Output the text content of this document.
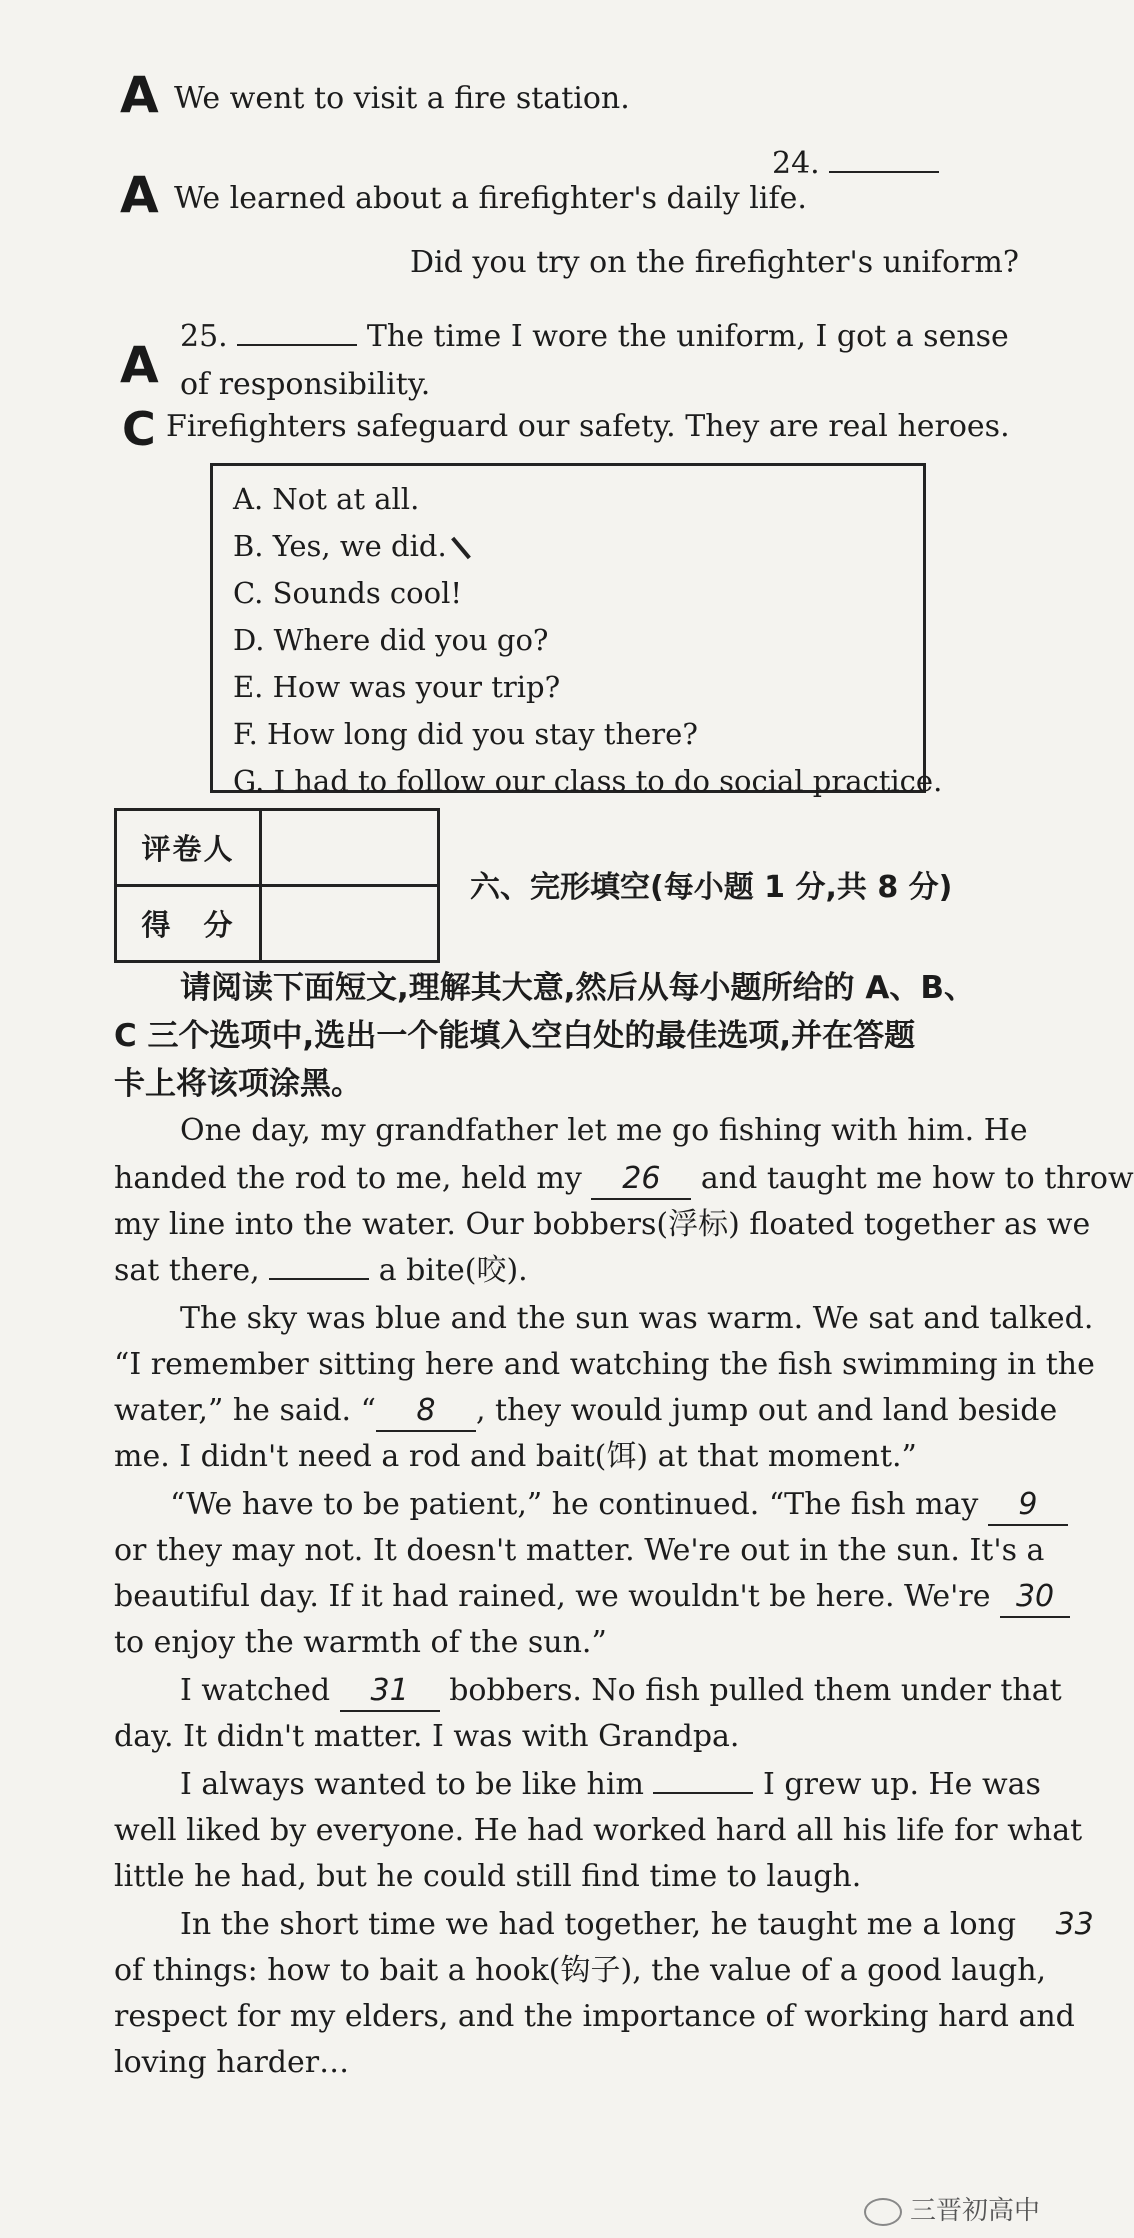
A We went to visit a fire station.
24.
A We learned about a firefighter's daily life.
Did you try on the firefighter's uniform?
A 25.	The time I wore the uniform, I got a sense
of responsibility.
C Firefighters safeguard our safety. They are real heroes.
A. Not at all.
B. Yes, we did.
C. Sounds cool!
D. Where did you go?
E. How was your trip?
F. How long did you stay there?
G. I had to follow our class to do social practice.
评卷人	
得　分	
六、完形填空(每小题 1 分,共 8 分)
请阅读下面短文,理解其大意,然后从每小题所给的 A、B、
C 三个选项中,选出一个能填入空白处的最佳选项,并在答题
卡上将该项涂黑。
One day, my grandfather let me go fishing with him. He
handed the rod to me, held my 26 and taught me how to throw
my line into the water. Our bobbers(浮标) floated together as we
sat there,	a bite(咬).
The sky was blue and the sun was warm. We sat and talked.
“I remember sitting here and watching the fish swimming in the
water,” he said. “ 8 , they would jump out and land beside
me. I didn't need a rod and bait(饵) at that moment.”
“We have to be patient,” he continued. “The fish may 9
or they may not. It doesn't matter. We're out in the sun. It's a
beautiful day. If it had rained, we wouldn't be here. We're 30
to enjoy the warmth of the sun.”
I watched 31 bobbers. No fish pulled them under that
day. It didn't matter. I was with Grandpa.
I always wanted to be like him	I grew up. He was
well liked by everyone. He had worked hard all his life for what
little he had, but he could still find time to laugh.
In the short time we had together, he taught me a long 33
of things: how to bait a hook(钩子), the value of a good laugh,
respect for my elders, and the importance of working hard and
loving harder…
三晋初高中
